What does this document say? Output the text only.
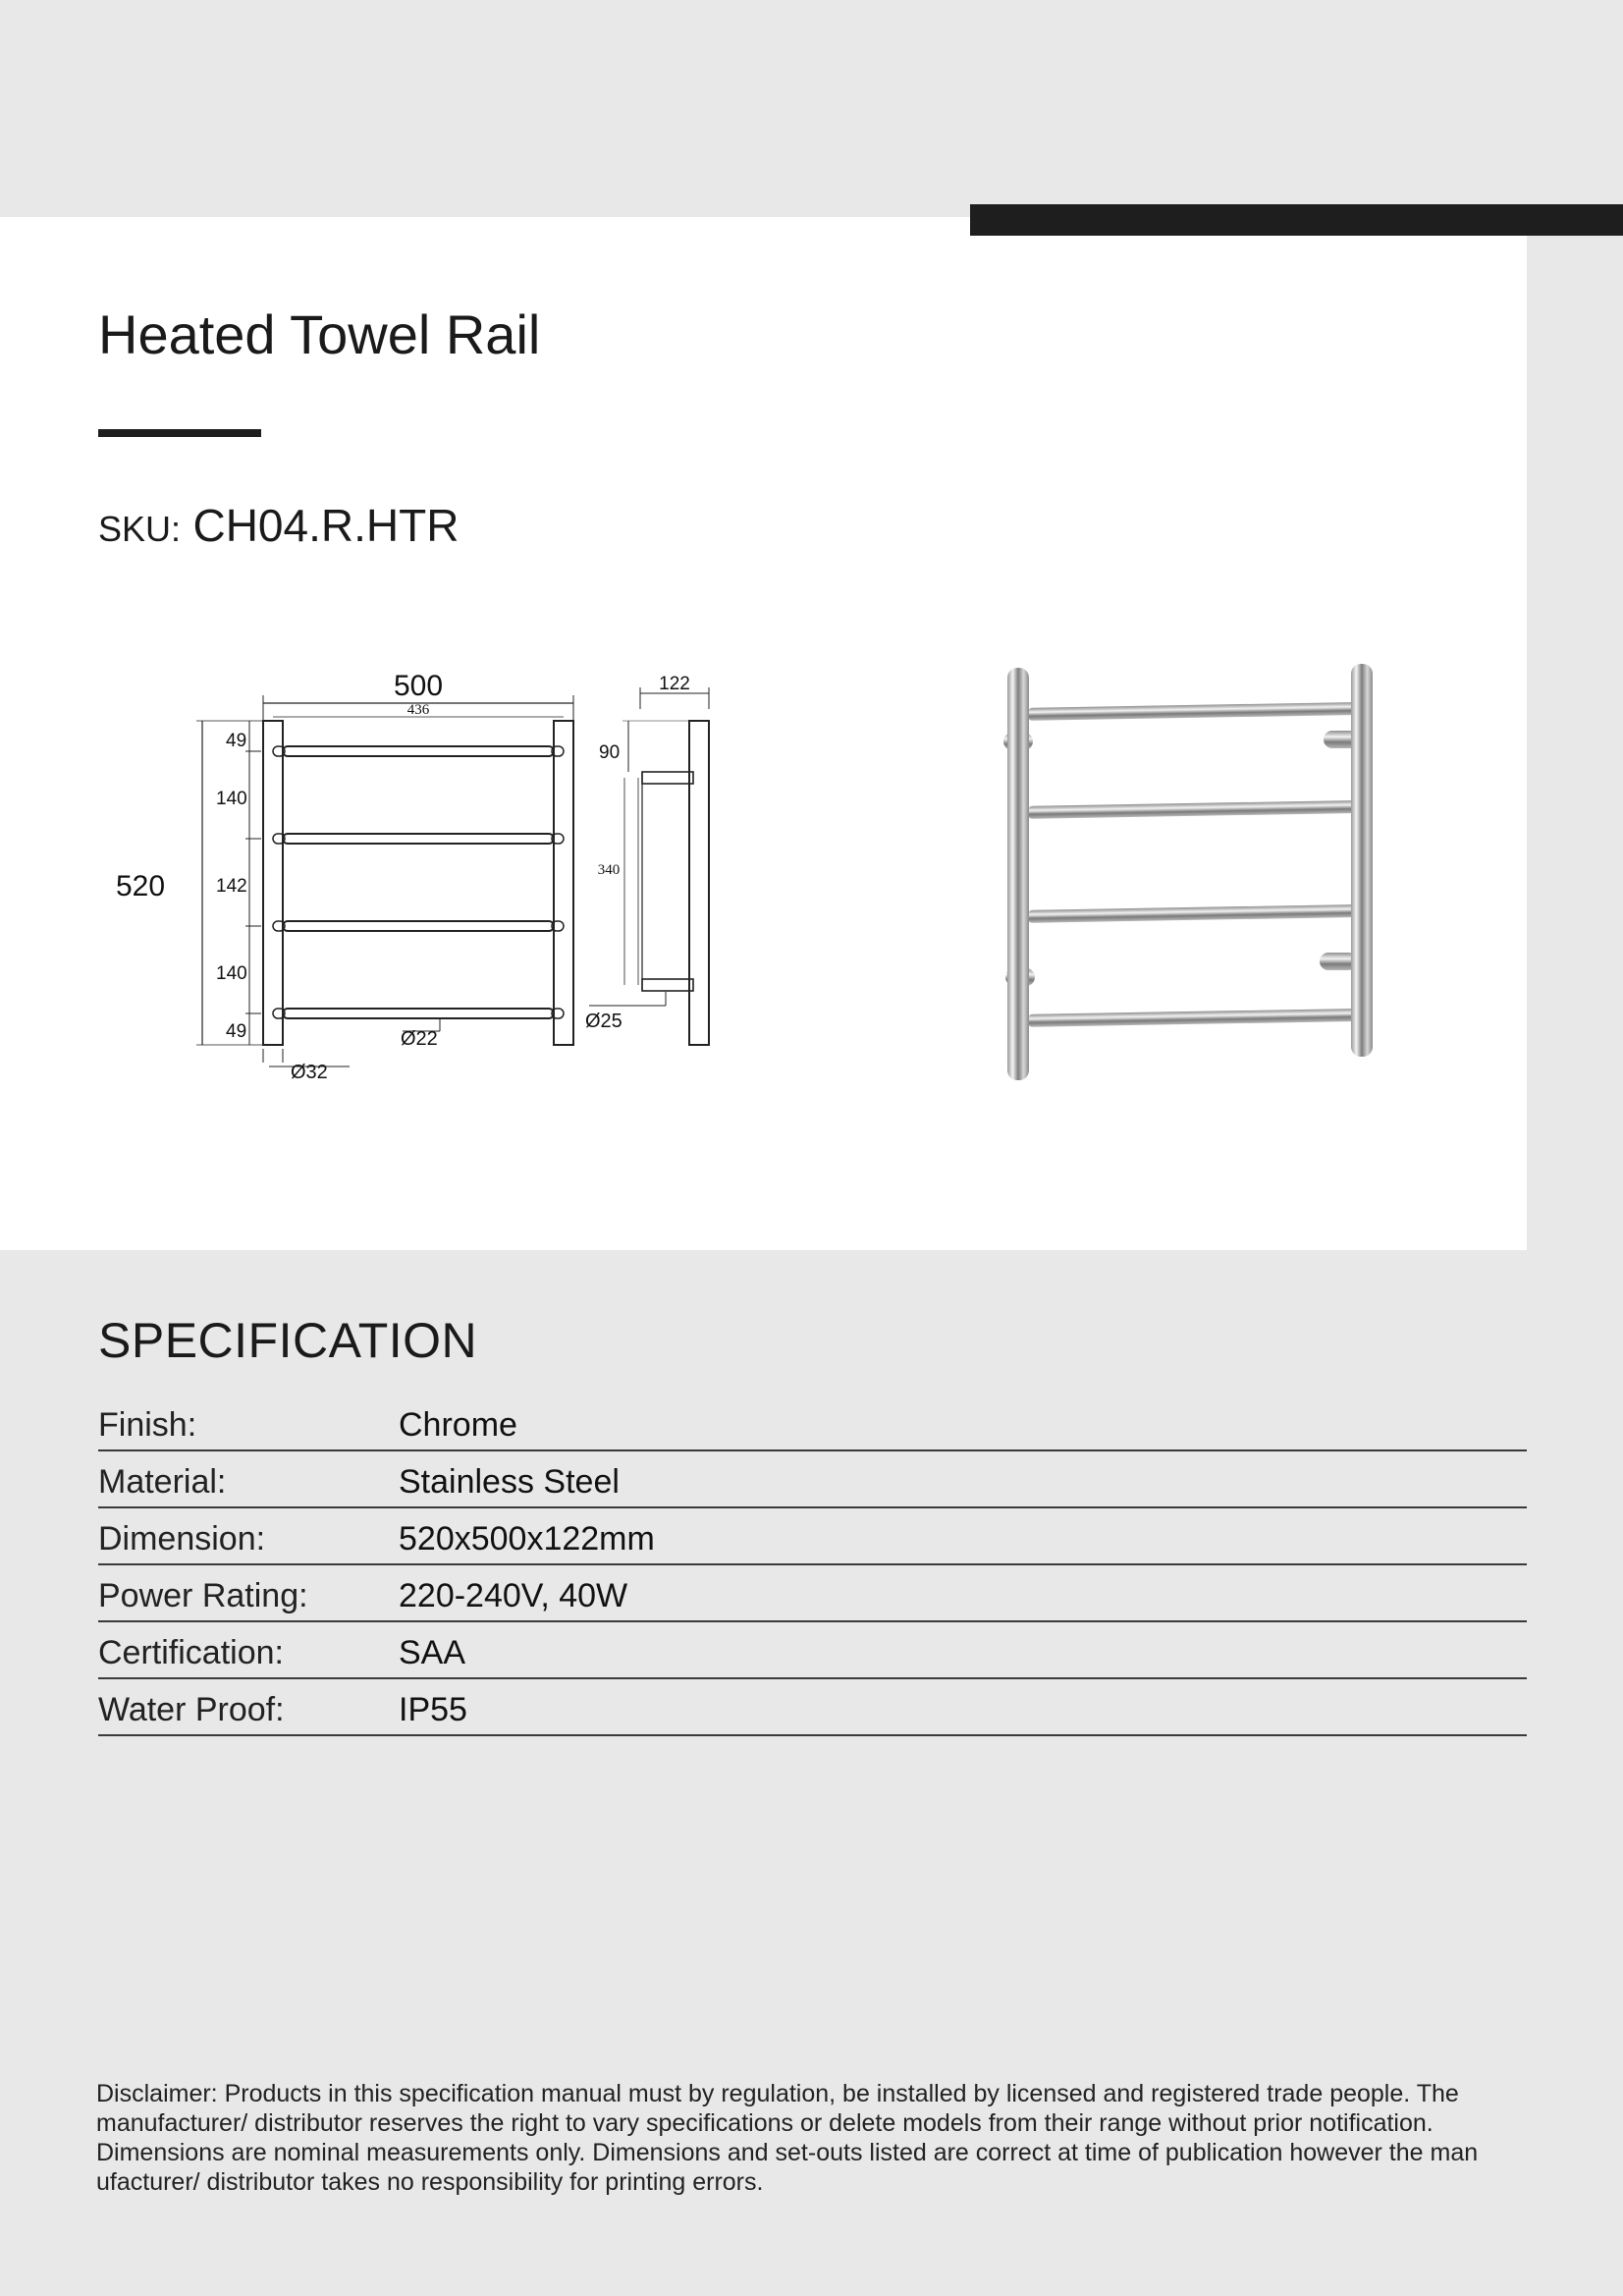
Heated Towel Rail
SKU: CH04.R.HTR
500
436
520
49
140
142
140
49	Ø22
Ø32
340
122
90
Ø25
SPECIFICATION
Finish:	Chrome
Material:	Stainless Steel
Dimension:	520x500x122mm
Power Rating:	220-240V, 40W
Certification:	SAA
Water Proof:	IP55
Disclaimer: Products in this specification manual must by regulation, be installed by licensed and registered trade people. The manufacturer/ distributor reserves the right to vary specifications or delete models from their range without prior notification. Dimensions are nominal measurements only. Dimensions and set-outs listed are correct at time of publication however the man ufacturer/ distributor takes no responsibility for printing errors.
